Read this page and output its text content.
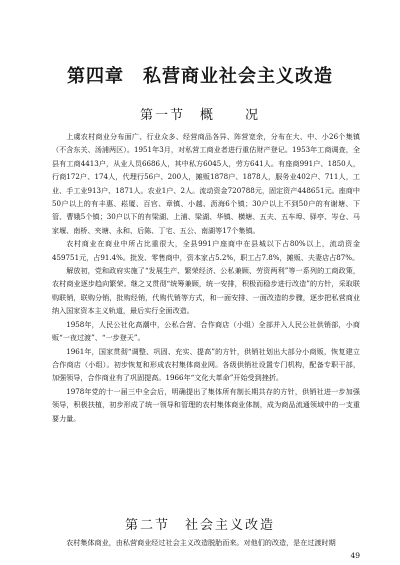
第四章　私营商业社会主义改造
第一节　概　　况

上虞农村商业分布面广、行业众多、经营商品各异、阵营宽余，分布在大、中、小26个集镇（不含东关、汤浦两区）。1951年3月，对私营工商业者进行重估财产登记。1953年工商调查，全县有工商4413户，从业人员6686人，其中私方6045人，劳方641人。有座商991户、1850人，行商172户、174人，代理行56户、200人，摊贩1878户、1878人，服务业402户、711人，工业、手工业913户、1871人。农业1户、2人。流动资金720788元，固定资产448651元。座商中50户以上的有丰惠、崧厦、百官、章镇、小越、沥海6个镇；30户以上不到50户的有谢塘、下管、曹娥5个镇；30户以下的有梁湖、上浦、梁湖、华镇、横塘、五夫、五车埠、驿亭、岑仓、马家堰、南桥、夹塘、永和、后陈、丁宅、五公、南湖等17个集镇。

农村商业在商业中所占比重很大，全县991户座商中在县城以下占80%以上，流动资金459751元，占91.4%。批发、零售商中，资本家占5.2%，职工占7.8%，摊贩、夫妻店占87%。

解放初，党和政府实施了“发展生产、繁荣经济、公私兼顾、劳资两利”等一系列的工商政策，农村商业逐步趋向繁荣。继之又贯彻“统筹兼顾，统一安排，积极而稳步进行改造”的方针，采取联购联销，联购分销，批购经销，代购代销等方式，和一面安排、一面改造的步骤，逐步把私营商业纳入国家资本主义轨道，最后实行全面改造。

1958年，人民公社化高潮中，公私合营、合作商店（小组）全部并入人民公社供销部，小商贩“一夜过渡”、“一步登天”。

1961年，国家贯彻“调整、巩固、充实、提高”的方针，供销社划出大部分小商贩，恢复建立合作商店（小组）。初步恢复和形成农村集体商业网。各级供销社设置专门机构，配备专职干部，加强领导，合作商业有了巩固提高。1966年“文化大革命”开始受到挫折。

1978年党的十一届三中全会后，明确提出了集体所有制长期共存的方针，供销社进一步加强领导，积极扶植，初步形成了统一领导和管理的农村集体商业体制，成为商品流通领域中的一支重要力量。

第二节　社会主义改造

农村集体商业，由私营商业经过社会主义改造脱胎而来。对他们的改造，是在过渡时期

49
